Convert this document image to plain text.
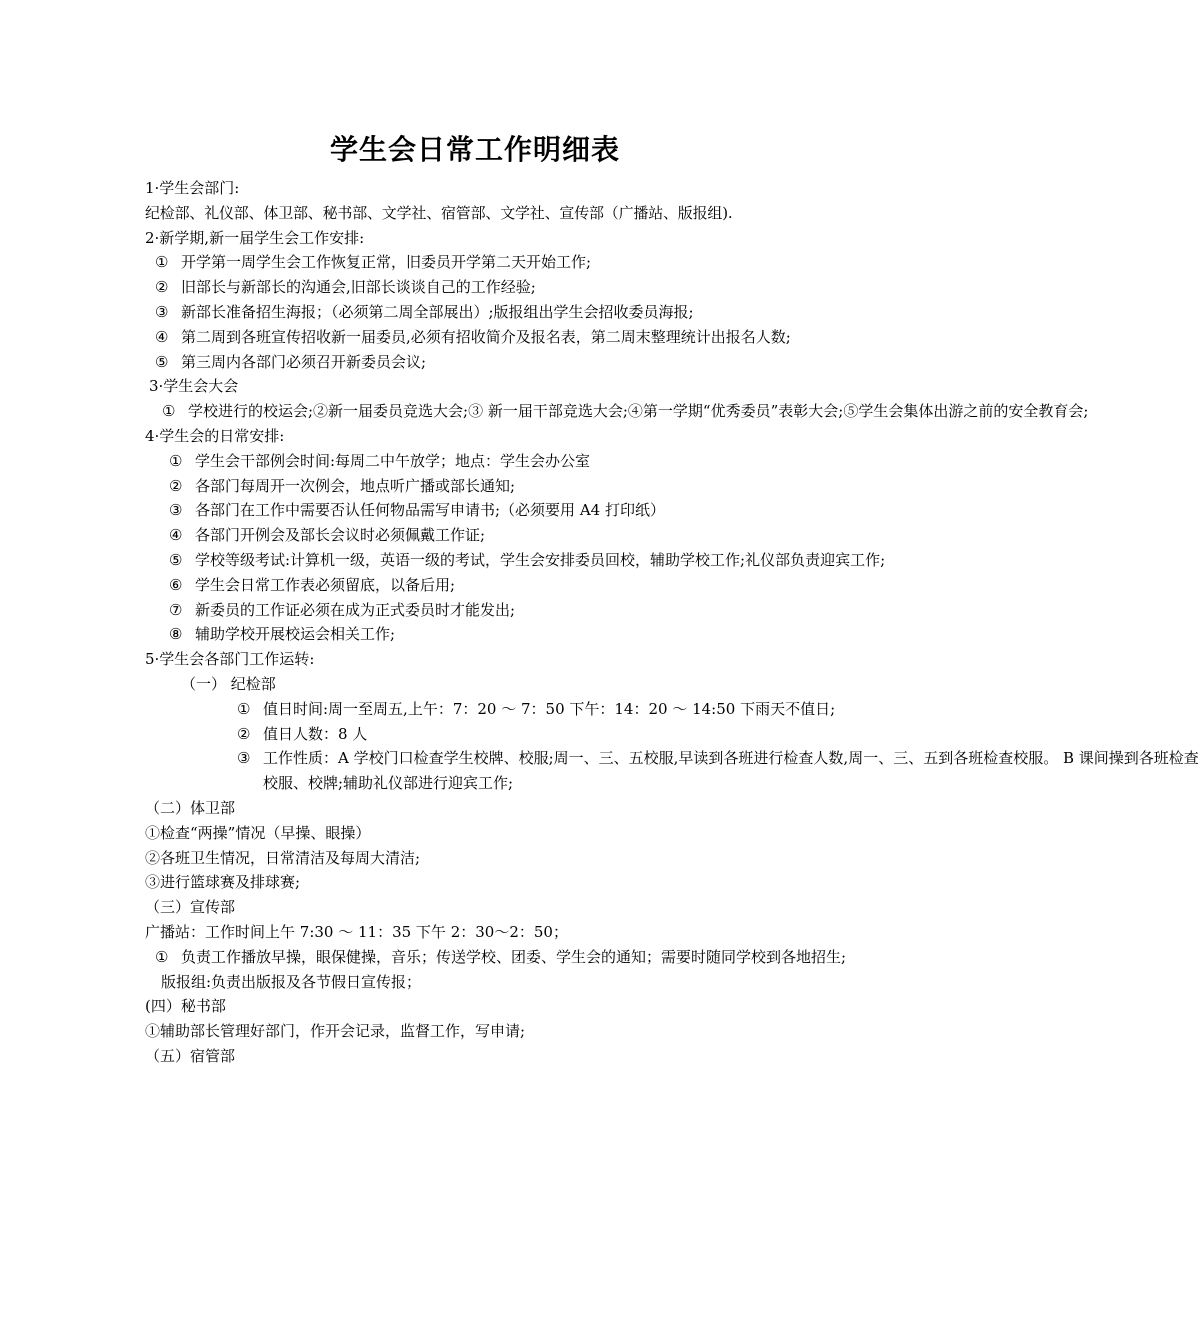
学生会日常工作明细表
1·学生会部门:
纪检部、礼仪部、体卫部、秘书部、文学社、宿管部、文学社、宣传部（广播站、版报组).
2·新学期,新一届学生会工作安排:
① 开学第一周学生会工作恢复正常，旧委员开学第二天开始工作;
② 旧部长与新部长的沟通会,旧部长谈谈自己的工作经验;
③ 新部长准备招生海报；（必须第二周全部展出）;版报组出学生会招收委员海报;
④ 第二周到各班宣传招收新一届委员,必须有招收简介及报名表，第二周末整理统计出报名人数;
⑤ 第三周内各部门必须召开新委员会议;
3·学生会大会
① 学校进行的校运会;②新一届委员竞选大会;③ 新一届干部竞选大会;④第一学期“优秀委员”表彰大会;⑤学生会集体出游之前的安全教育会;
4·学生会的日常安排:
① 学生会干部例会时间:每周二中午放学；地点：学生会办公室
② 各部门每周开一次例会，地点听广播或部长通知;
③ 各部门在工作中需要否认任何物品需写申请书;（必须要用 A4 打印纸）
④ 各部门开例会及部长会议时必须佩戴工作证;
⑤ 学校等级考试:计算机一级，英语一级的考试，学生会安排委员回校，辅助学校工作;礼仪部负责迎宾工作;
⑥ 学生会日常工作表必须留底，以备后用;
⑦ 新委员的工作证必须在成为正式委员时才能发出;
⑧ 辅助学校开展校运会相关工作;
5·学生会各部门工作运转:
（一） 纪检部
① 值日时间:周一至周五,上午：7：20 ～ 7：50 下午：14：20 ～ 14:50 下雨天不值日;
② 值日人数：8 人
③ 工作性质：A 学校门口检查学生校牌、校服;周一、三、五校服,早读到各班进行检查人数,周一、三、五到各班检查校服。 B 课间操到各班检查
校服、校牌;辅助礼仪部进行迎宾工作;
（二）体卫部
①检查“两操”情况（早操、眼操）
②各班卫生情况，日常清洁及每周大清洁;
③进行篮球赛及排球赛;
（三）宣传部
广播站：工作时间上午 7:30 ～ 11：35 下午 2：30～2：50；
① 负责工作播放早操，眼保健操，音乐；传送学校、团委、学生会的通知；需要时随同学校到各地招生;
版报组:负责出版报及各节假日宣传报；
(四）秘书部
①辅助部长管理好部门，作开会记录，监督工作，写申请;
（五）宿管部
